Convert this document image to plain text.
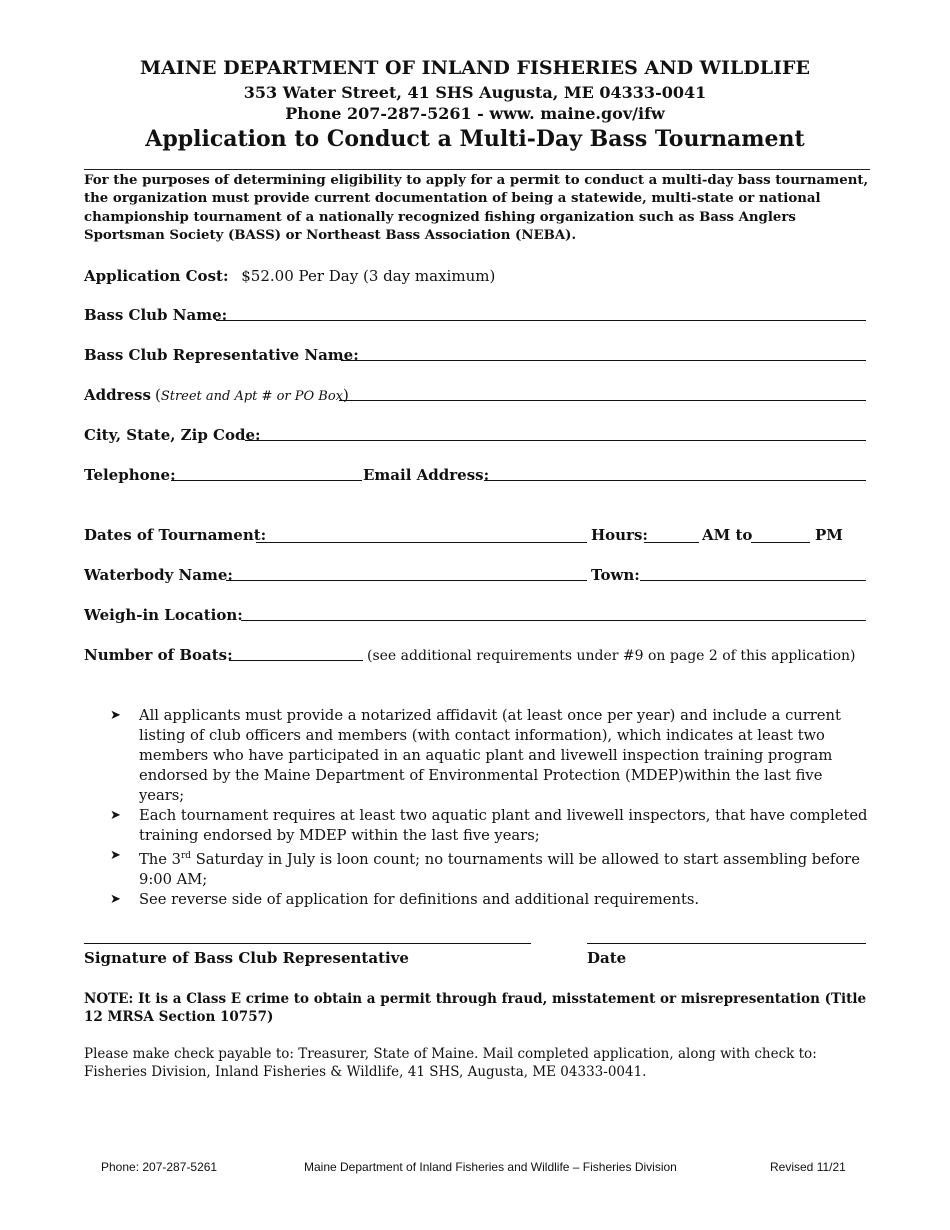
MAINE DEPARTMENT OF INLAND FISHERIES AND WILDLIFE
353 Water Street, 41 SHS Augusta, ME 04333-0041
Phone 207-287-5261 - www. maine.gov/ifw
Application to Conduct a Multi-Day Bass Tournament
For the purposes of determining eligibility to apply for a permit to conduct a multi-day bass tournament, the organization must provide current documentation of being a statewide, multi-state or national championship tournament of a nationally recognized fishing organization such as Bass Anglers Sportsman Society (BASS) or Northeast Bass Association (NEBA).
Application Cost: $52.00 Per Day (3 day maximum)
Bass Club Name:
Bass Club Representative Name:
Address (Street and Apt # or PO Box)
City, State, Zip Code:
Telephone:	Email Address:
Dates of Tournament:	Hours:	AM to	PM
Waterbody Name:	Town:
Weigh-in Location:
Number of Boats:	(see additional requirements under #9 on page 2 of this application)
➤ All applicants must provide a notarized affidavit (at least once per year) and include a current listing of club officers and members (with contact information), which indicates at least two members who have participated in an aquatic plant and livewell inspection training program endorsed by the Maine Department of Environmental Protection (MDEP)within the last five years;
➤ Each tournament requires at least two aquatic plant and livewell inspectors, that have completed training endorsed by MDEP within the last five years;
➤ The 3rd Saturday in July is loon count; no tournaments will be allowed to start assembling before 9:00 AM;
➤ See reverse side of application for definitions and additional requirements.
Signature of Bass Club Representative	Date
NOTE: It is a Class E crime to obtain a permit through fraud, misstatement or misrepresentation (Title 12 MRSA Section 10757)
Please make check payable to: Treasurer, State of Maine. Mail completed application, along with check to: Fisheries Division, Inland Fisheries & Wildlife, 41 SHS, Augusta, ME 04333-0041.
Phone: 207-287-5261	Maine Department of Inland Fisheries and Wildlife – Fisheries Division	Revised 11/21
